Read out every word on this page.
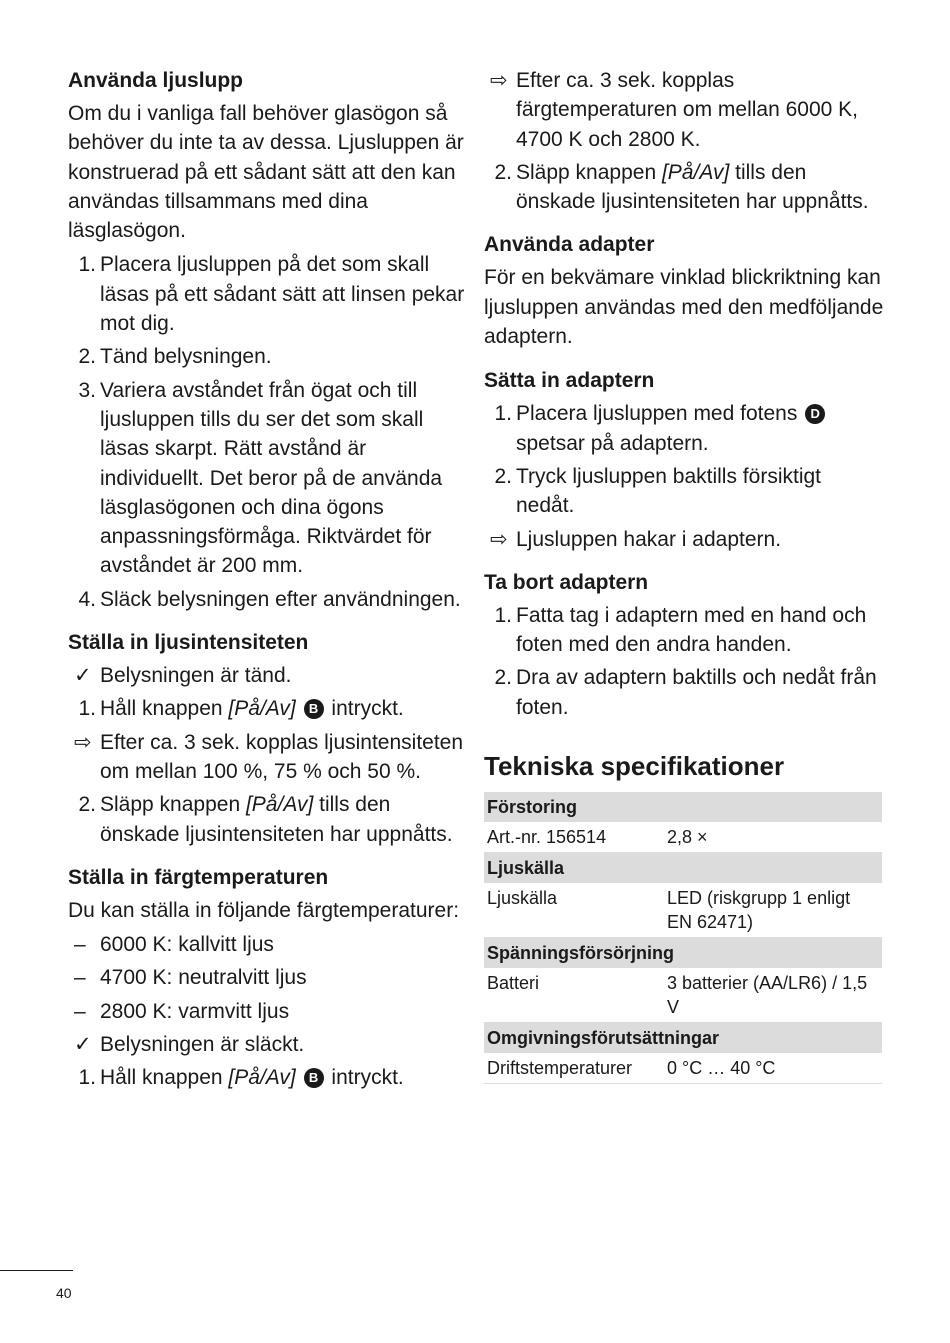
Använda ljuslupp
Om du i vanliga fall behöver glasögon så behöver du inte ta av dessa. Ljusluppen är konstruerad på ett sådant sätt att den kan användas tillsammans med dina läsglasögon.
1. Placera ljusluppen på det som skall läsas på ett sådant sätt att linsen pekar mot dig.
2. Tänd belysningen.
3. Variera avståndet från ögat och till ljusluppen tills du ser det som skall läsas skarpt. Rätt avstånd är individuellt. Det beror på de använda läsglasögonen och dina ögons anpassningsförmåga. Riktvärdet för avståndet är 200 mm.
4. Släck belysningen efter användningen.
Ställa in ljusintensiteten
✓ Belysningen är tänd.
1. Håll knappen [På/Av] B intryckt.
⇨ Efter ca. 3 sek. kopplas ljusintensiteten om mellan 100 %, 75 % och 50 %.
2. Släpp knappen [På/Av] tills den önskade ljusintensiteten har uppnåtts.
Ställa in färgtemperaturen
Du kan ställa in följande färgtemperaturer:
– 6000 K: kallvitt ljus
– 4700 K: neutralvitt ljus
– 2800 K: varmvitt ljus
✓ Belysningen är släckt.
1. Håll knappen [På/Av] B intryckt.
⇨ Efter ca. 3 sek. kopplas färgtemperaturen om mellan 6000 K, 4700 K och 2800 K.
2. Släpp knappen [På/Av] tills den önskade ljusintensiteten har uppnåtts.
Använda adapter
För en bekvämare vinklad blickriktning kan ljusluppen användas med den medföljande adaptern.
Sätta in adaptern
1. Placera ljusluppen med fotens D spetsar på adaptern.
2. Tryck ljusluppen baktills försiktigt nedåt.
⇨ Ljusluppen hakar i adaptern.
Ta bort adaptern
1. Fatta tag i adaptern med en hand och foten med den andra handen.
2. Dra av adaptern baktills och nedåt från foten.
Tekniska specifikationer
Förstoring	
Art.-nr. 156514	2,8 ×
Ljuskälla	
Ljuskälla	LED (riskgrupp 1 enligt EN 62471)
Spänningsförsörjning	
Batteri	3 batterier (AA/LR6) / 1,5 V
Omgivningsförutsättningar	
Driftstemperaturer	0 °C … 40 °C
40
